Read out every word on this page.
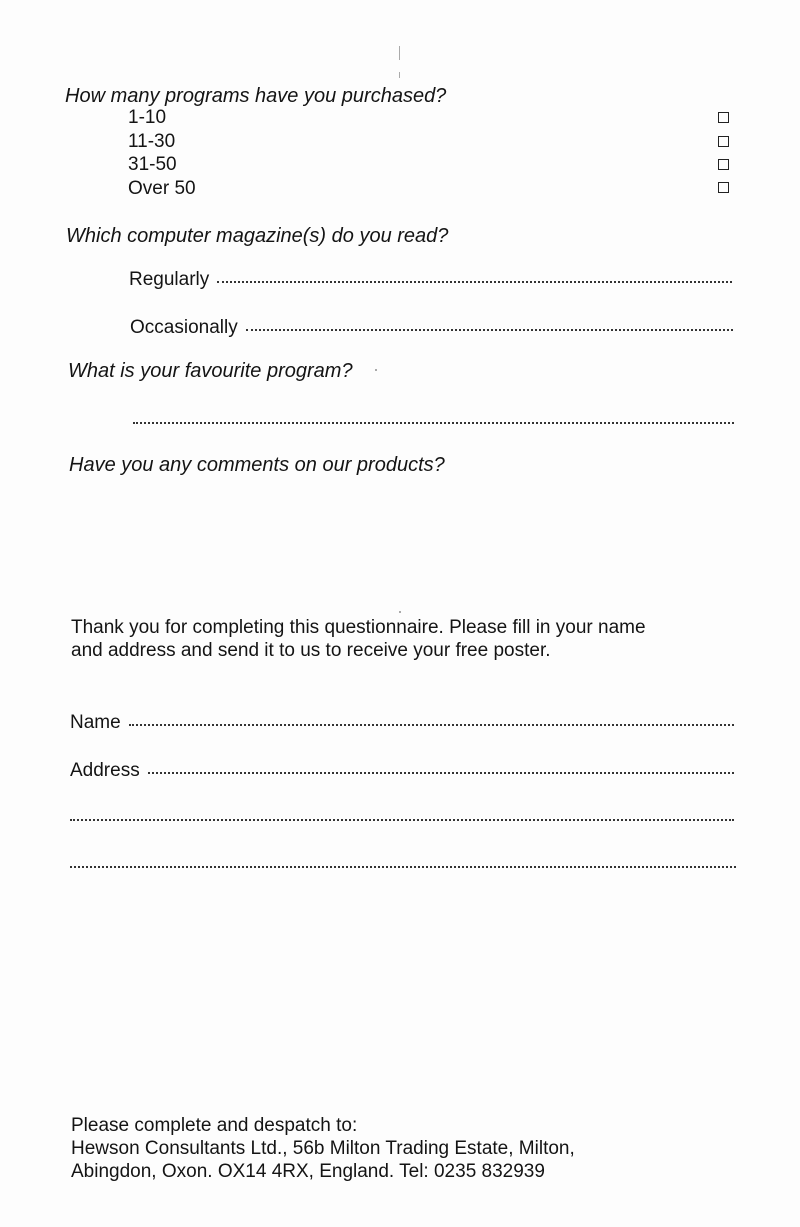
How many programs have you purchased?
1-10
11-30
31-50
Over 50
Which computer magazine(s) do you read?
Regularly
Occasionally
What is your favourite program?
Have you any comments on our products?
Thank you for completing this questionnaire. Please fill in your name
and address and send it to us to receive your free poster.
Name
Address
Please complete and despatch to:
Hewson Consultants Ltd., 56b Milton Trading Estate, Milton,
Abingdon, Oxon. OX14 4RX, England. Tel: 0235 832939
